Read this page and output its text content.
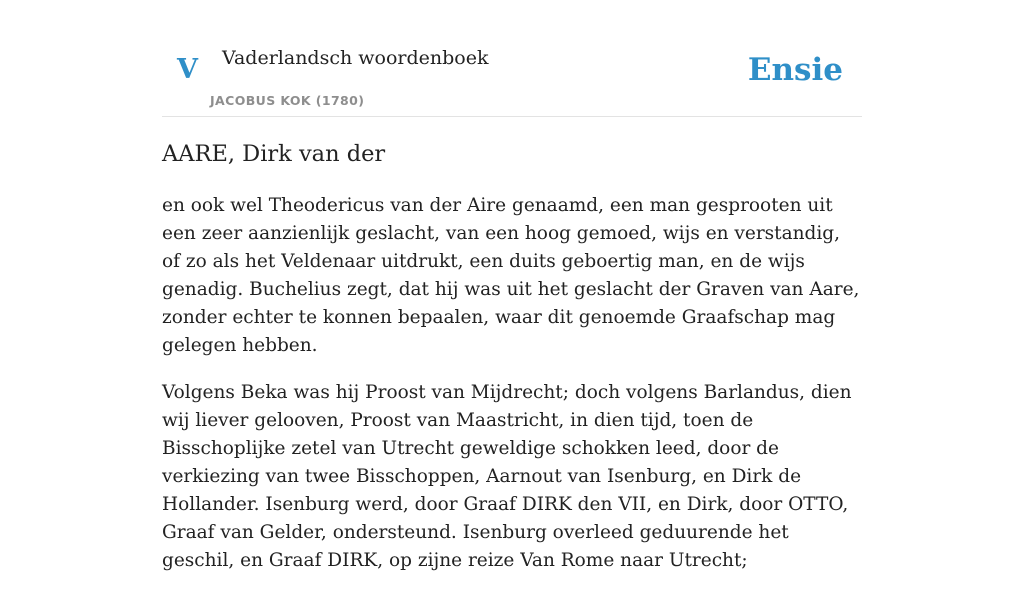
V Vaderlandsch woordenboek
JACOBUS KOK (1780)
Ensie
AARE, Dirk van der

en ook wel Theodericus van der Aire genaamd, een man gesprooten uit een zeer aanzienlijk geslacht, van een hoog gemoed, wijs en verstandig, of zo als het Veldenaar uitdrukt, een duits geboertig man, en de wijs genadig. Buchelius zegt, dat hij was uit het geslacht der Graven van Aare, zonder echter te konnen bepaalen, waar dit genoemde Graafschap mag gelegen hebben.

Volgens Beka was hij Proost van Mijdrecht; doch volgens Barlandus, dien wij liever gelooven, Proost van Maastricht, in dien tijd, toen de Bisschoplijke zetel van Utrecht geweldige schokken leed, door de verkiezing van twee Bisschoppen, Aarnout van Isenburg, en Dirk de Hollander. Isenburg werd, door Graaf DIRK den VII, en Dirk, door OTTO, Graaf van Gelder, ondersteund. Isenburg overleed geduurende het geschil, en Graaf DIRK, op zijne reize Van Rome naar Utrecht;
